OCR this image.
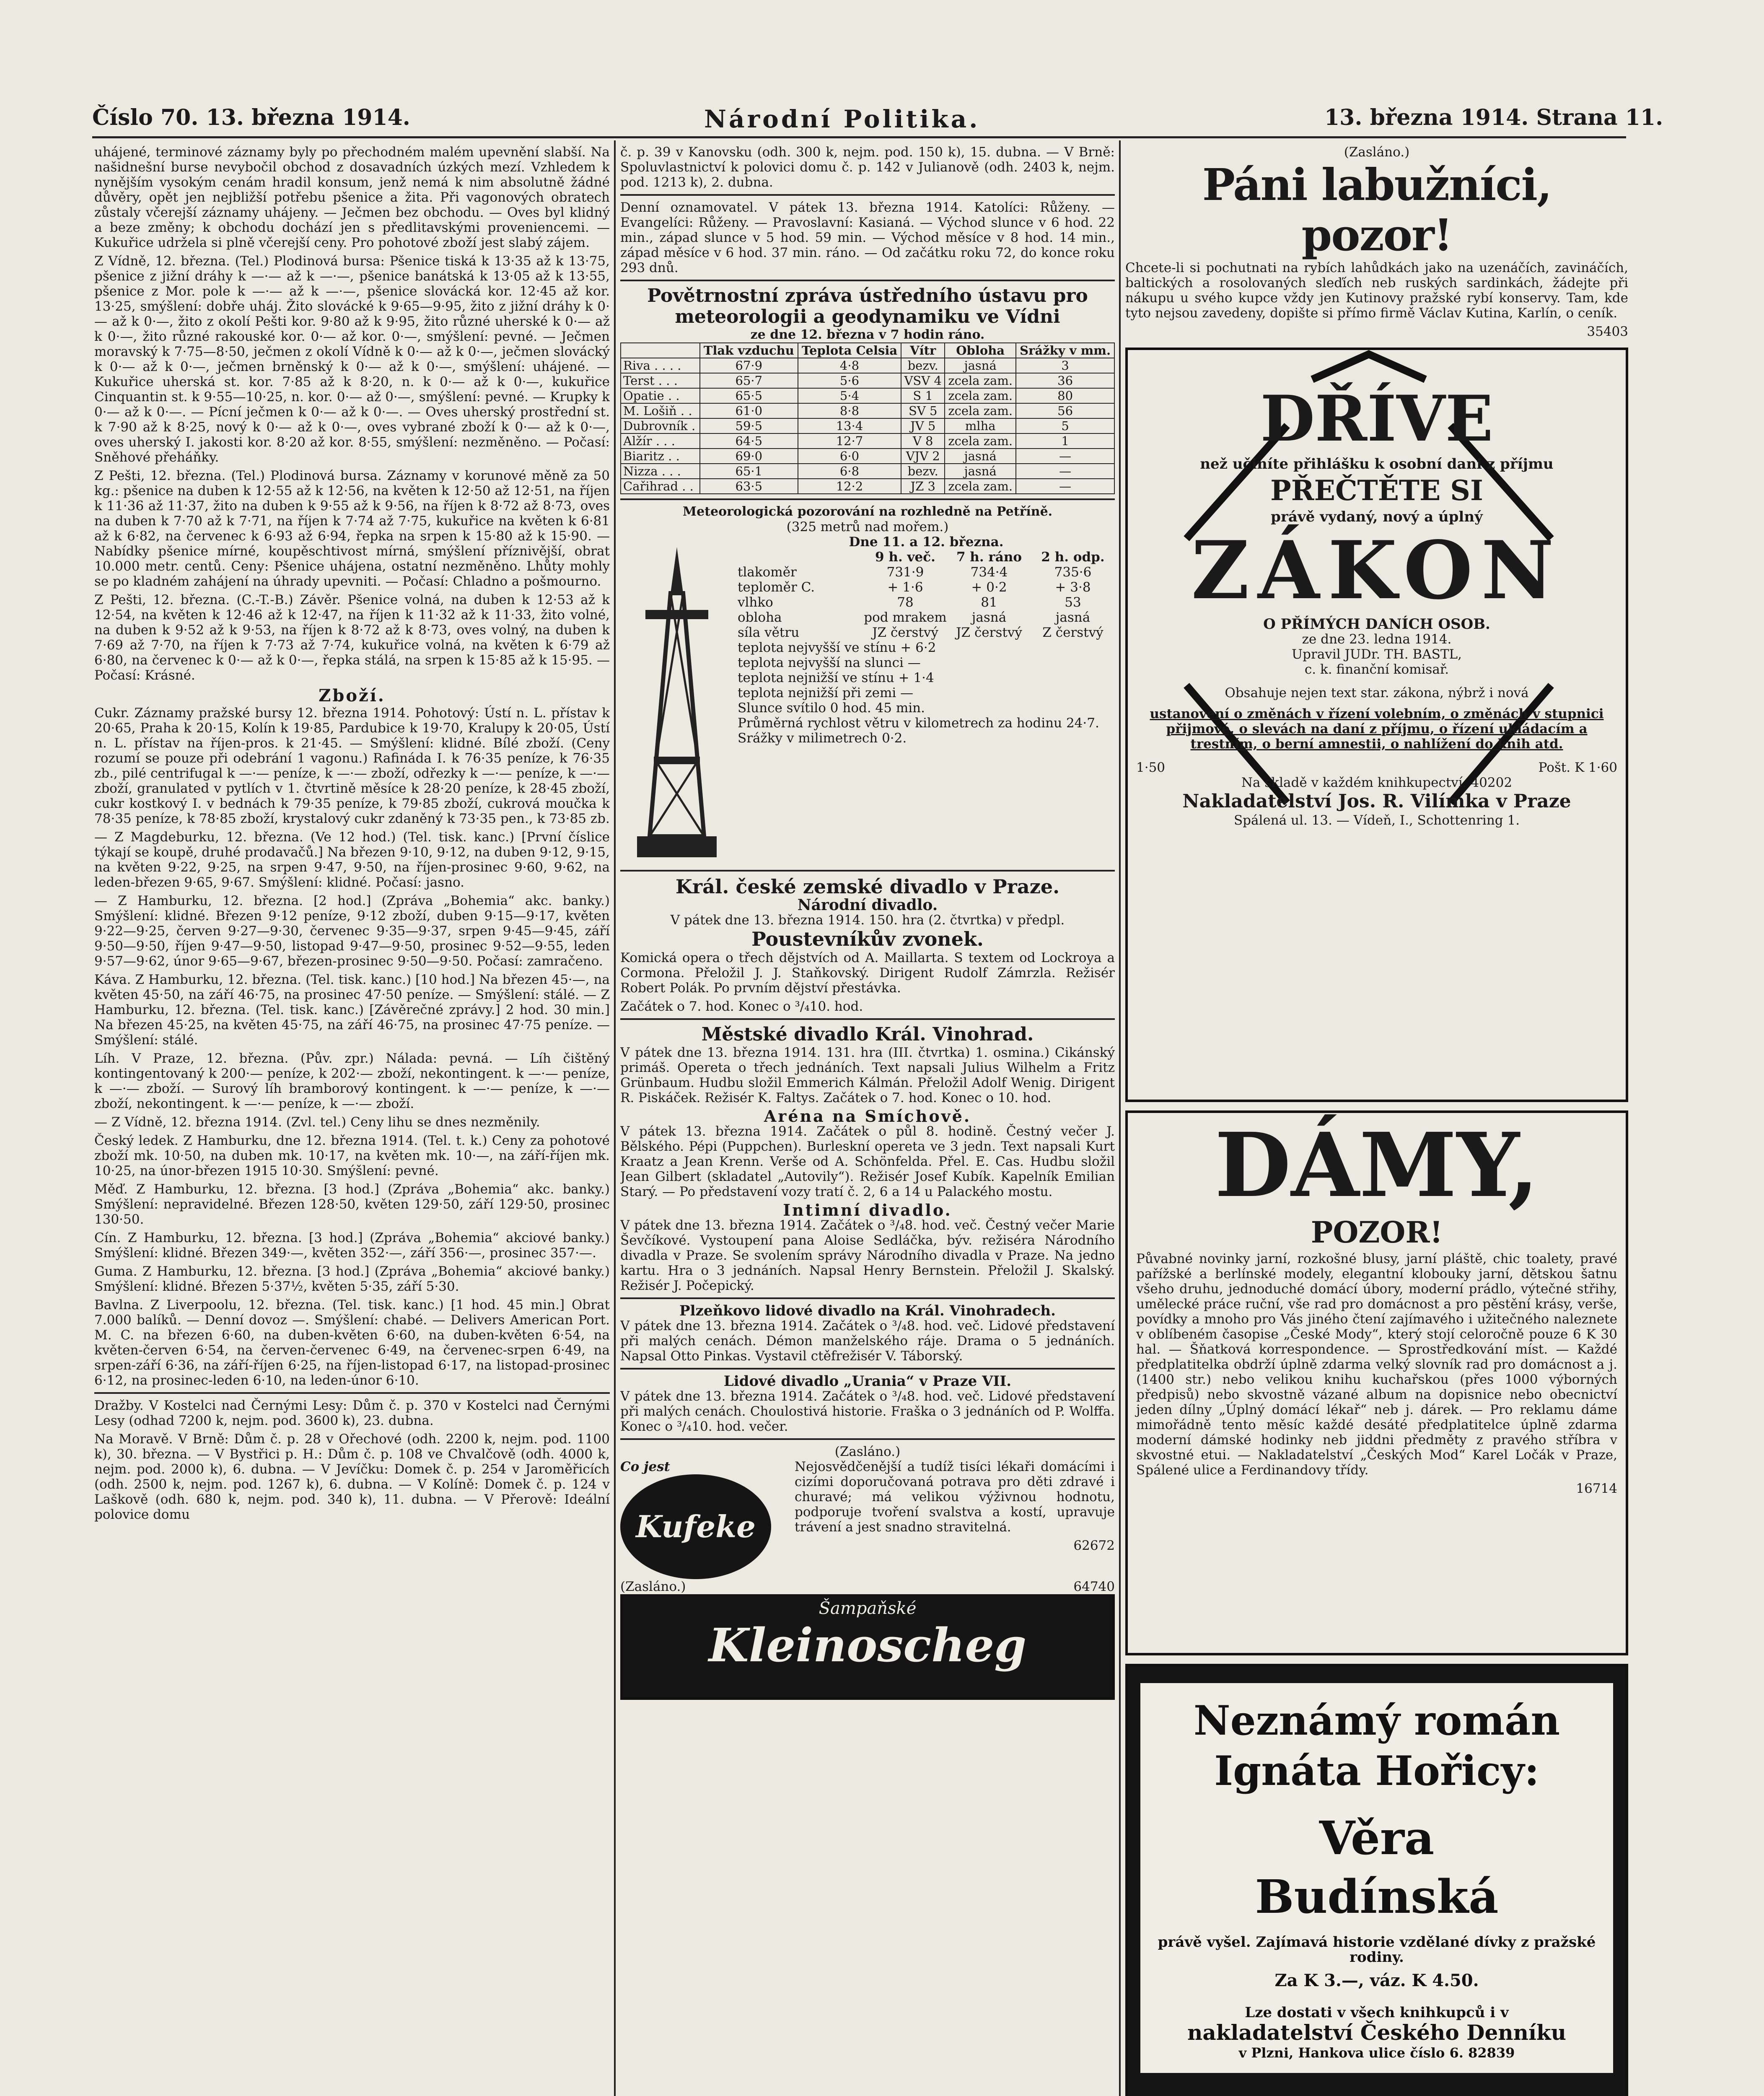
Číslo 70. 13. března 1914.	Národní Politika.	13. března 1914. Strana 11.

uhájené, terminové záznamy byly po přechodném malém upevnění slabší. Na našidnešní burse nevybočil obchod z dosavadních úzkých mezí. Vzhledem k nynějším vysokým cenám hradil konsum, jenž nemá k nim absolutně žádné důvěry, opět jen nejbližší potřebu pšenice a žita. Při vagonových obratech zůstaly včerejší záznamy uhájeny. — Ječmen bez obchodu. — Oves byl klidný a beze změny; k obchodu dochází jen s předlitavskými proveniencemi. — Kukuřice udržela si plně včerejší ceny. Pro pohotové zboží jest slabý zájem.

Z Vídně, 12. března. (Tel.) Plodinová bursa: Pšenice tiská k 13·35 až k 13·75, pšenice z jižní dráhy k —·— až k —·—, pšenice banátská k 13·05 až k 13·55, pšenice z Mor. pole k —·— až k —·—, pšenice slovácká kor. 12·45 až kor. 13·25, smýšlení: dobře uháj. Žito slovácké k 9·65—9·95, žito z jižní dráhy k 0·— až k 0·—, žito z okolí Pešti kor. 9·80 až k 9·95, žito různé uherské k 0·— až k 0·—, žito různé rakouské kor. 0·— až kor. 0·—, smýšlení: pevné. — Ječmen moravský k 7·75—8·50, ječmen z okolí Vídně k 0·— až k 0·—, ječmen slovácký k 0·— až k 0·—, ječmen brněnský k 0·— až k 0·—, smýšlení: uhájené. — Kukuřice uherská st. kor. 7·85 až k 8·20, n. k 0·— až k 0·—, kukuřice Cinquantin st. k 9·55—10·25, n. kor. 0·— až 0·—, smýšlení: pevné. — Krupky k 0·— až k 0·—. — Pícní ječmen k 0·— až k 0·—. — Oves uherský prostřední st. k 7·90 až k 8·25, nový k 0·— až k 0·—, oves vybrané zboží k 0·— až k 0·—, oves uherský I. jakosti kor. 8·20 až kor. 8·55, smýšlení: nezměněno. — Počasí: Sněhové přeháňky.

Z Pešti, 12. března. (Tel.) Plodinová bursa. Záznamy v korunové měně za 50 kg.: pšenice na duben k 12·55 až k 12·56, na květen k 12·50 až 12·51, na říjen k 11·36 až 11·37, žito na duben k 9·55 až k 9·56, na říjen k 8·72 až 8·73, oves na duben k 7·70 až k 7·71, na říjen k 7·74 až 7·75, kukuřice na květen k 6·81 až k 6·82, na červenec k 6·93 až 6·94, řepka na srpen k 15·80 až k 15·90. — Nabídky pšenice mírné, koupěschtivost mírná, smýšlení příznivější, obrat 10.000 metr. centů. Ceny: Pšenice uhájena, ostatní nezměněno. Lhůty mohly se po kladném zahájení na úhrady upevniti. — Počasí: Chladno a pošmourno.

Z Pešti, 12. března. (C.-T.-B.) Závěr. Pšenice volná, na duben k 12·53 až k 12·54, na květen k 12·46 až k 12·47, na říjen k 11·32 až k 11·33, žito volné, na duben k 9·52 až k 9·53, na říjen k 8·72 až k 8·73, oves volný, na duben k 7·69 až 7·70, na říjen k 7·73 až 7·74, kukuřice volná, na květen k 6·79 až 6·80, na červenec k 0·— až k 0·—, řepka stálá, na srpen k 15·85 až k 15·95. — Počasí: Krásné.

Zboží.

Cukr. Záznamy pražské bursy 12. března 1914. Pohotový: Ústí n. L. přístav k 20·65, Praha k 20·15, Kolín k 19·85, Pardubice k 19·70, Kralupy k 20·05, Ústí n. L. přístav na říjen-pros. k 21·45. — Smýšlení: klidné. Bílé zboží. (Ceny rozumí se pouze při odebrání 1 vagonu.) Rafináda I. k 76·35 peníze, k 76·35 zb., pilé centrifugal k —·— peníze, k —·— zboží, odřezky k —·— peníze, k —·— zboží, granulated v pytlích v 1. čtvrtině měsíce k 28·20 peníze, k 28·45 zboží, cukr kostkový I. v bednách k 79·35 peníze, k 79·85 zboží, cukrová moučka k 78·35 peníze, k 78·85 zboží, krystalový cukr zdaněný k 73·35 pen., k 73·85 zb.

— Z Magdeburku, 12. března. (Ve 12 hod.) (Tel. tisk. kanc.) [První číslice týkají se koupě, druhé prodavačů.] Na březen 9·10, 9·12, na duben 9·12, 9·15, na květen 9·22, 9·25, na srpen 9·47, 9·50, na říjen-prosinec 9·60, 9·62, na leden-březen 9·65, 9·67. Smýšlení: klidné. Počasí: jasno.

— Z Hamburku, 12. března. [2 hod.] (Zpráva „Bohemia“ akc. banky.) Smýšlení: klidné. Březen 9·12 peníze, 9·12 zboží, duben 9·15—9·17, květen 9·22—9·25, červen 9·27—9·30, červenec 9·35—9·37, srpen 9·45—9·45, září 9·50—9·50, říjen 9·47—9·50, listopad 9·47—9·50, prosinec 9·52—9·55, leden 9·57—9·62, únor 9·65—9·67, březen-prosinec 9·50—9·50. Počasí: zamračeno.

Káva. Z Hamburku, 12. března. (Tel. tisk. kanc.) [10 hod.] Na březen 45·—, na květen 45·50, na září 46·75, na prosinec 47·50 peníze. — Smýšlení: stálé. — Z Hamburku, 12. března. (Tel. tisk. kanc.) [Závěrečné zprávy.] 2 hod. 30 min.] Na březen 45·25, na květen 45·75, na září 46·75, na prosinec 47·75 peníze. — Smýšlení: stálé.

Líh. V Praze, 12. března. (Pův. zpr.) Nálada: pevná. — Líh čištěný kontingentovaný k 200·— peníze, k 202·— zboží, nekontingent. k —·— peníze, k —·— zboží. — Surový líh bramborový kontingent. k —·— peníze, k —·— zboží, nekontingent. k —·— peníze, k —·— zboží.

— Z Vídně, 12. března 1914. (Zvl. tel.) Ceny lihu se dnes nezměnily.

Český ledek. Z Hamburku, dne 12. března 1914. (Tel. t. k.) Ceny za pohotové zboží mk. 10·50, na duben mk. 10·17, na květen mk. 10·—, na září-říjen mk. 10·25, na únor-březen 1915 10·30. Smýšlení: pevné.

Měď. Z Hamburku, 12. března. [3 hod.] (Zpráva „Bohemia“ akc. banky.) Smýšlení: nepravidelné. Březen 128·50, květen 129·50, září 129·50, prosinec 130·50.

Cín. Z Hamburku, 12. března. [3 hod.] (Zpráva „Bohemia“ akciové banky.) Smýšlení: klidné. Březen 349·—, květen 352·—, září 356·—, prosinec 357·—.

Guma. Z Hamburku, 12. března. [3 hod.] (Zpráva „Bohemia“ akciové banky.) Smýšlení: klidné. Březen 5·37½, květen 5·35, září 5·30.

Bavlna. Z Liverpoolu, 12. března. (Tel. tisk. kanc.) [1 hod. 45 min.] Obrat 7.000 balíků. — Denní dovoz —. Smýšlení: chabé. — Delivers American Port. M. C. na březen 6·60, na duben-květen 6·60, na duben-květen 6·54, na květen-červen 6·54, na červen-červenec 6·49, na červenec-srpen 6·49, na srpen-září 6·36, na září-říjen 6·25, na říjen-listopad 6·17, na listopad-prosinec 6·12, na prosinec-leden 6·10, na leden-únor 6·10.

Dražby. V Kostelci nad Černými Lesy: Dům č. p. 370 v Kostelci nad Černými Lesy (odhad 7200 k, nejm. pod. 3600 k), 23. dubna.

Na Moravě. V Brně: Dům č. p. 28 v Ořechové (odh. 2200 k, nejm. pod. 1100 k), 30. března. — V Bystřici p. H.: Dům č. p. 108 ve Chvalčově (odh. 4000 k, nejm. pod. 2000 k), 6. dubna. — V Jevíčku: Domek č. p. 254 v Jaroměřicích (odh. 2500 k, nejm. pod. 1267 k), 6. dubna. — V Kolíně: Domek č. p. 124 v Laškově (odh. 680 k, nejm. pod. 340 k), 11. dubna. — V Přerově: Ideální polovice domu

č. p. 39 v Kanovsku (odh. 300 k, nejm. pod. 150 k), 15. dubna. — V Brně: Spoluvlastnictví k polovici domu č. p. 142 v Julianově (odh. 2403 k, nejm. pod. 1213 k), 2. dubna.

Denní oznamovatel. V pátek 13. března 1914. Katolíci: Růženy. — Evangelíci: Růženy. — Pravoslavní: Kasianá. — Východ slunce v 6 hod. 22 min., západ slunce v 5 hod. 59 min. — Východ měsíce v 8 hod. 14 min., západ měsíce v 6 hod. 37 min. ráno. — Od začátku roku 72, do konce roku 293 dnů.

Povětrnostní zpráva ústředního ústavu pro meteorologii a geodynamiku ve Vídni
ze dne 12. března v 7 hodin ráno.
	Tlak vzduchu	Teplota Celsia	Vítr	Obloha	Srážky v mm.
Riva . . . .	67·9	4·8	bezv.	jasná	3
Terst . . .	65·7	5·6	VSV 4	zcela zam.	36
Opatie . .	65·5	5·4	S 1	zcela zam.	80
M. Lošiň . .	61·0	8·8	SV 5	zcela zam.	56
Dubrovník .	59·5	13·4	JV 5	mlha	5
Alžír . . .	64·5	12·7	V 8	zcela zam.	1
Biaritz . .	69·0	6·0	VJV 2	jasná	—
Nizza . . .	65·1	6·8	bezv.	jasná	—
Cařihrad . .	63·5	12·2	JZ 3	zcela zam.	—
Meteorologická pozorování na rozhledně na Petříně.
(325 metrů nad mořem.)
Dne 11. a 12. března.
9 h. več.	7 h. ráno	2 h. odp.
tlakoměr	731·9	734·4	735·6
teploměr C.	+ 1·6	+ 0·2	+ 3·8
vlhko	78	81	53
obloha	pod mrakem	jasná	jasná
síla větru	JZ čerstvý	JZ čerstvý	Z čerstvý
teplota nejvyšší ve stínu + 6·2
teplota nejvyšší na slunci —
teplota nejnižší ve stínu + 1·4
teplota nejnižší při zemi —
Slunce svítilo 0 hod. 45 min.
Průměrná rychlost větru v kilometrech za hodinu 24·7.
Srážky v milimetrech 0·2.
Král. české zemské divadlo v Praze.
Národní divadlo.
V pátek dne 13. března 1914. 150. hra (2. čtvrtka) v předpl.
Poustevníkův zvonek.

Komická opera o třech dějstvích od A. Maillarta. S textem od Lockroya a Cormona. Přeložil J. J. Staňkovský. Dirigent Rudolf Zámrzla. Režisér Robert Polák. Po prvním dějství přestávka.

Začátek o 7. hod. Konec o ³/₄10. hod.

Městské divadlo Král. Vinohrad.

V pátek dne 13. března 1914. 131. hra (III. čtvrtka) 1. osmina.) Cikánský primáš. Opereta o třech jednáních. Text napsali Julius Wilhelm a Fritz Grünbaum. Hudbu složil Emmerich Kálmán. Přeložil Adolf Wenig. Dirigent R. Piskáček. Režisér K. Faltys. Začátek o 7. hod. Konec o 10. hod.

Aréna na Smíchově.

V pátek 13. března 1914. Začátek o půl 8. hodině. Čestný večer J. Bělského. Pépi (Puppchen). Burleskní opereta ve 3 jedn. Text napsali Kurt Kraatz a Jean Krenn. Verše od A. Schönfelda. Přel. E. Cas. Hudbu složil Jean Gilbert (skladatel „Autovily“). Režisér Josef Kubík. Kapelník Emilian Starý. — Po představení vozy tratí č. 2, 6 a 14 u Palackého mostu.

Intimní divadlo.

V pátek dne 13. března 1914. Začátek o ³/₄8. hod. več. Čestný večer Marie Ševčíkové. Vystoupení pana Aloise Sedláčka, býv. režiséra Národního divadla v Praze. Se svolením správy Národního divadla v Praze. Na jedno kartu. Hra o 3 jednáních. Napsal Henry Bernstein. Přeložil J. Skalský. Režisér J. Počepický.

Plzeňkovo lidové divadlo na Král. Vinohradech.

V pátek dne 13. března 1914. Začátek o ³/₄8. hod. več. Lidové představení při malých cenách. Démon manželského ráje. Drama o 5 jednáních. Napsal Otto Pinkas. Vystavil ctěfrežisér V. Táborský.

Lidové divadlo „Urania“ v Praze VII.

V pátek dne 13. března 1914. Začátek o ³/₄8. hod. več. Lidové představení při malých cenách. Choulostivá historie. Fraška o 3 jednáních od P. Wolffa. Konec o ³/₄10. hod. večer.

(Zasláno.)
Co jest
Kufeke

Nejosvědčenější a tudíž tisíci lékaři domácími i cizími doporučovaná potrava pro děti zdravé i churavé; má velikou výživnou hodnotu, podporuje tvoření svalstva a kostí, upravuje trávení a jest snadno stravitelná.

62672
(Zasláno.)	64740
Šampaňské
Kleinoscheg
(Zasláno.)
Páni labužníci, pozor!

Chcete-li si pochutnati na rybích lahůdkách jako na uzenáčích, zavináčích, baltických a rosolovaných sleďích neb ruských sardinkách, žádejte při nákupu u svého kupce vždy jen Kutinovy pražské rybí konservy. Tam, kde tyto nejsou zavedeny, dopište si přímo firmě Václav Kutina, Karlín, o ceník.

35403
DŘÍVE
než učiníte přihlášku k osobní dani z příjmu
PŘEČTĚTE SI
právě vydaný, nový a úplný
ZÁKON
O PŘÍMÝCH DANÍCH OSOB.
ze dne 23. ledna 1914.
Upravil JUDr. TH. BASTL,
c. k. finanční komisař.
Obsahuje nejen text star. zákona, nýbrž i nová
ustanovení o změnách v řízení volebním, o změnách v stupnici přijmové, o slevách na daní z příjmu, o řízení ukládacím a trestním, o berní amnestii, o nahlížení do knih atd.
1·50	Pošt. K 1·60
Na skladě v každém knihkupectví. 40202
Nakladatelství Jos. R. Vilímka v Praze
Spálená ul. 13. — Vídeň, I., Schottenring 1.
DÁMY,
POZOR!

Půvabné novinky jarní, rozkošné blusy, jarní pláště, chic toalety, pravé pařížské a berlínské modely, elegantní klobouky jarní, dětskou šatnu všeho druhu, jednoduché domácí úbory, moderní prádlo, výtečné střihy, umělecké práce ruční, vše rad pro domácnost a pro pěstění krásy, verše, povídky a mnoho pro Vás jiného čtení zajímavého i užitečného naleznete v oblíbeném časopise „České Mody“, který stojí celoročně pouze 6 K 30 hal. — Šňatková korrespondence. — Sprostředkování míst. — Každé předplatitelka obdrží úplně zdarma velký slovník rad pro domácnost a j. (1400 str.) nebo velikou knihu kuchařskou (přes 1000 výborných předpisů) nebo skvostně vázané album na dopisnice nebo obecnictví jeden dílny „Úplný domácí lékař“ neb j. dárek. — Pro reklamu dáme mimořádně tento měsíc každé desáté předplatitelce úplně zdarma moderní dámské hodinky neb jiddni předměty z pravého stříbra v skvostné etui. — Nakladatelství „Českých Mod“ Karel Ločák v Praze, Spálené ulice a Ferdinandovy třídy.

16714
Neznámý román
Ignáta Hořicy:
Věra
Budínská
právě vyšel. Zajímavá historie vzdělané dívky z pražské rodiny.
Za K 3.—, váz. K 4.50.
Lze dostati v všech knihkupců i v
nakladatelství Českého Denníku
v Plzni, Hankova ulice číslo 6. 82839
